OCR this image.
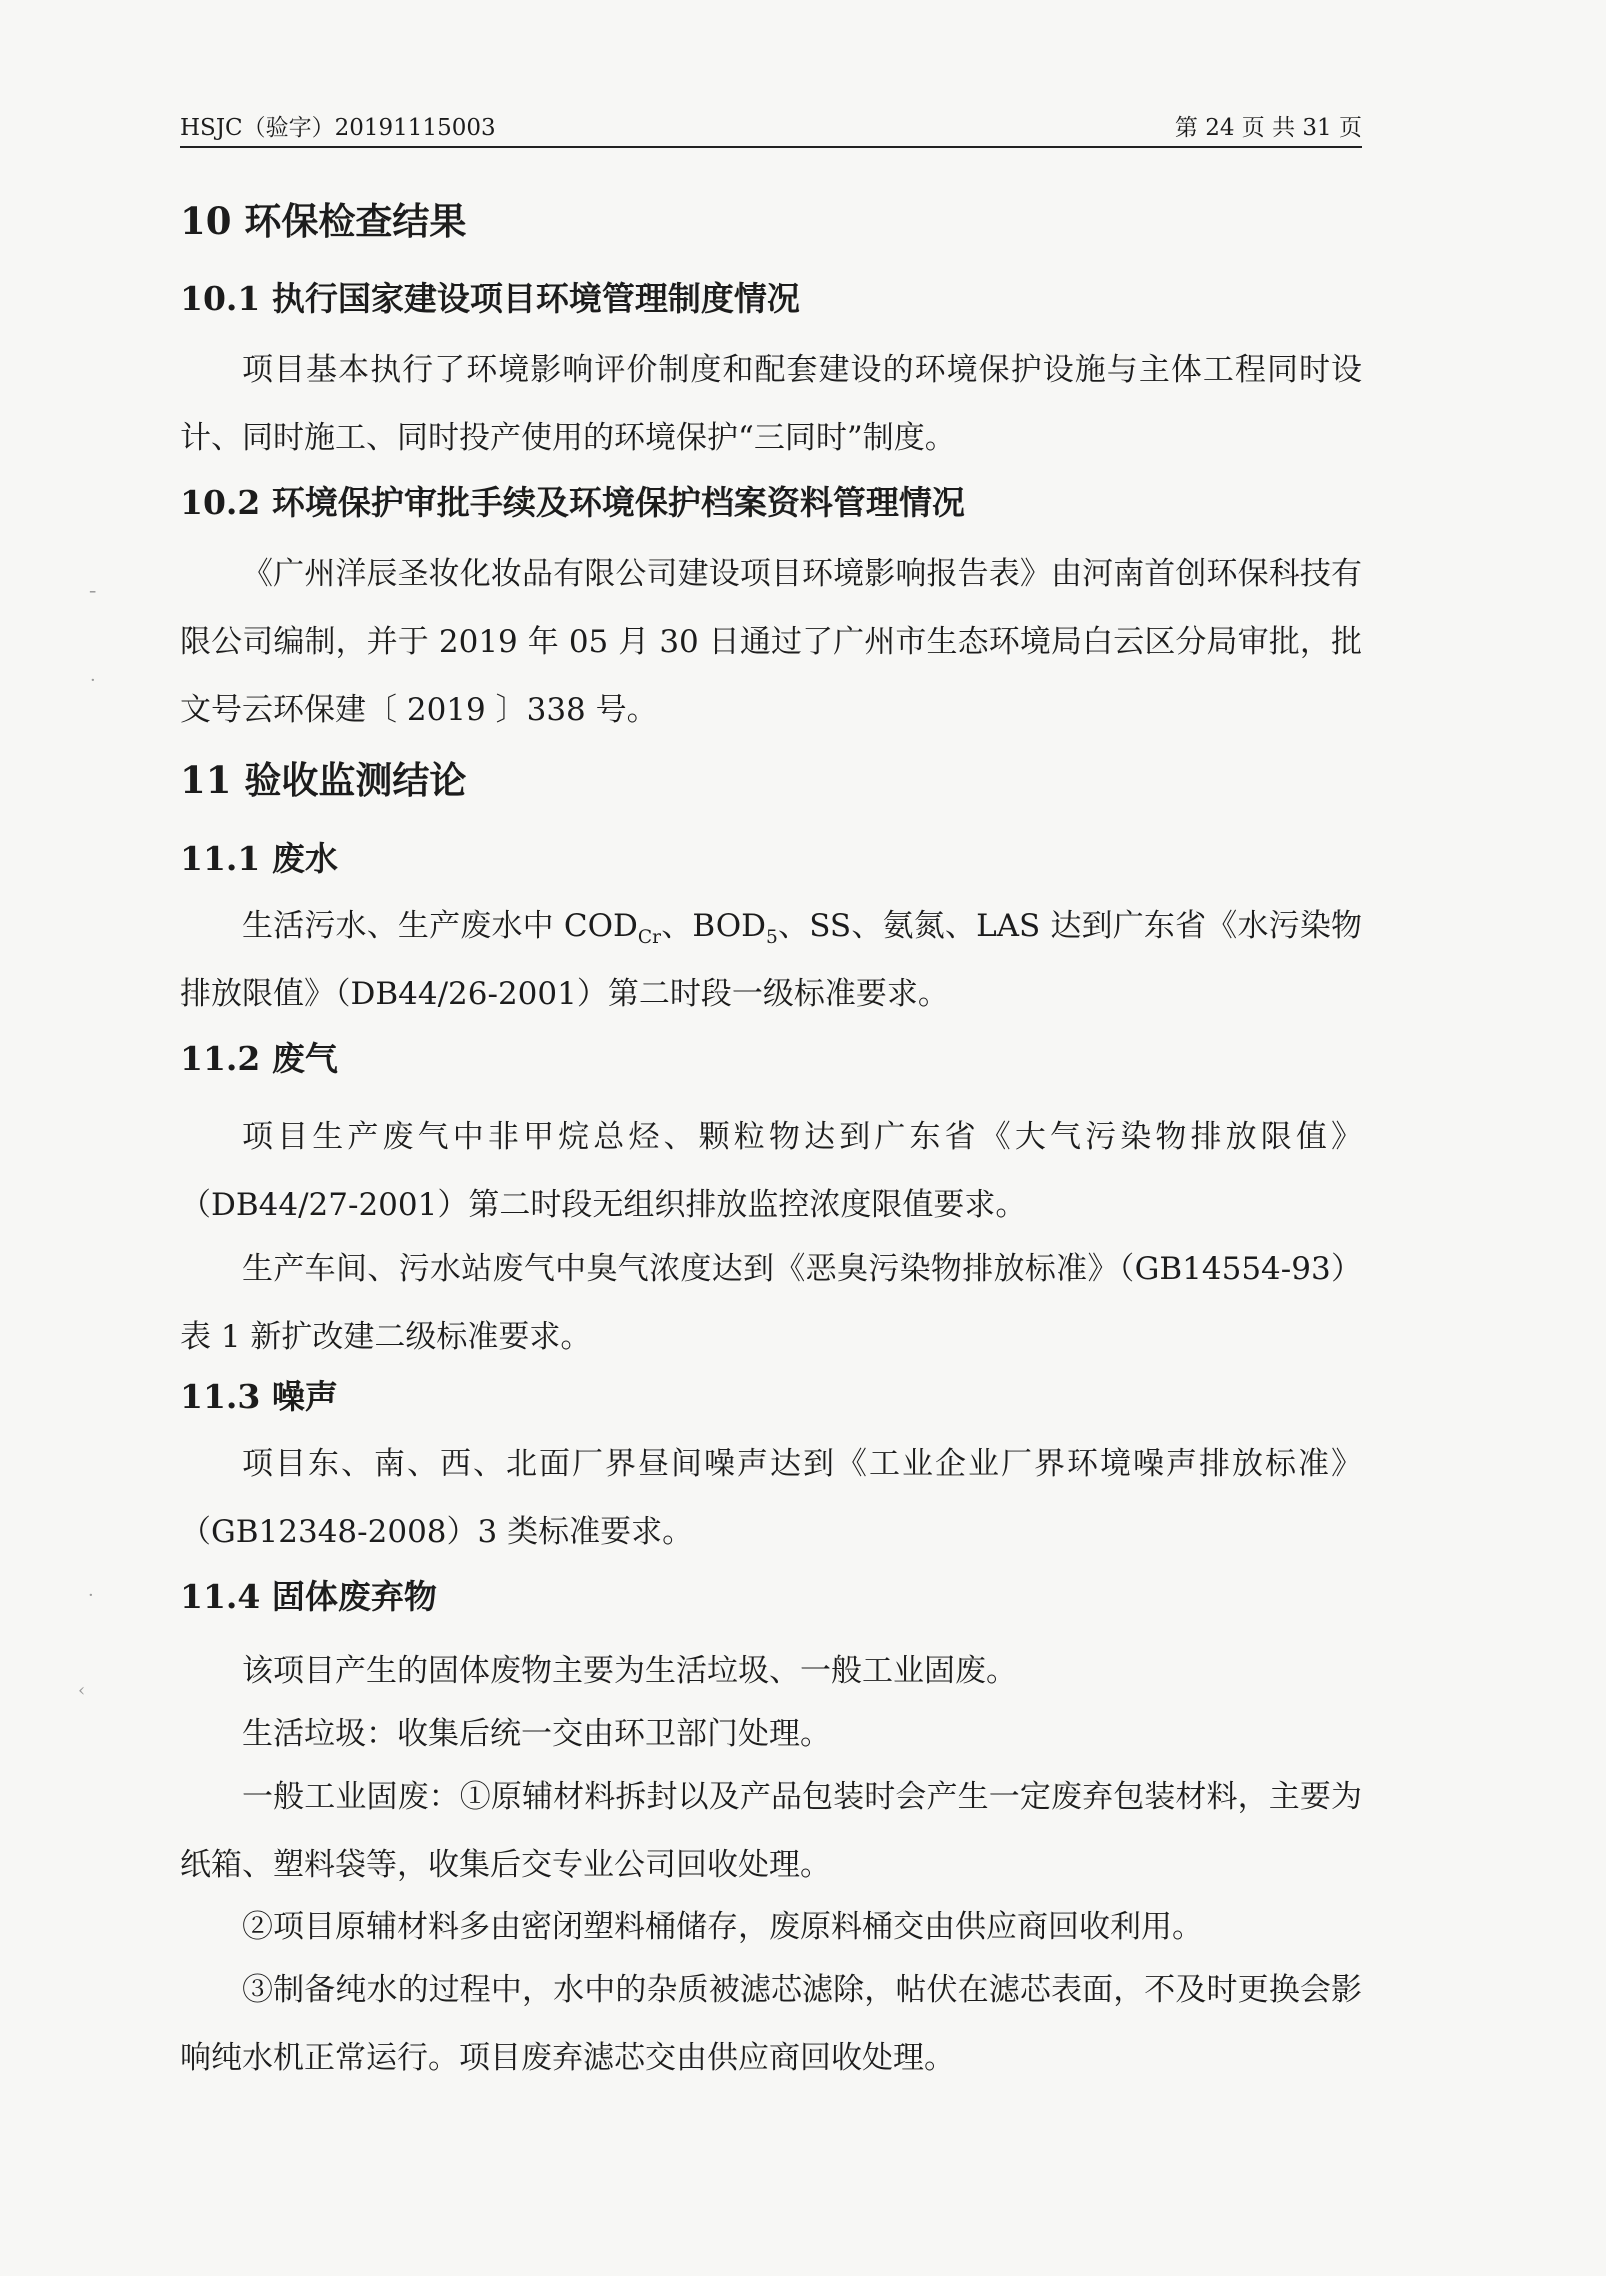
HSJC（验字）20191115003	第 24 页 共 31 页
10 环保检查结果
10.1 执行国家建设项目环境管理制度情况
项目基本执行了环境影响评价制度和配套建设的环境保护设施与主体工程同时设计、同时施工、同时投产使用的环境保护“三同时”制度。
10.2 环境保护审批手续及环境保护档案资料管理情况
《广州洋辰圣妆化妆品有限公司建设项目环境影响报告表》由河南首创环保科技有限公司编制，并于 2019 年 05 月 30 日通过了广州市生态环境局白云区分局审批，批文号云环保建〔 2019 〕338 号。
11 验收监测结论
11.1 废水
生活污水、生产废水中 $COD_{Cr}$、$BOD_5$、SS、氨氮、LAS 达到广东省《水污染物排放限值》（DB44/26-2001）第二时段一级标准要求。
11.2 废气
项目生产废气中非甲烷总烃、颗粒物达到广东省《大气污染物排放限值》（DB44/27-2001）第二时段无组织排放监控浓度限值要求。
生产车间、污水站废气中臭气浓度达到《恶臭污染物排放标准》（GB14554-93）表 1 新扩改建二级标准要求。
11.3 噪声
项目东、南、西、北面厂界昼间噪声达到《工业企业厂界环境噪声排放标准》（GB12348-2008）3 类标准要求。
11.4 固体废弃物
该项目产生的固体废物主要为生活垃圾、一般工业固废。
生活垃圾：收集后统一交由环卫部门处理。
一般工业固废：①原辅材料拆封以及产品包装时会产生一定废弃包装材料，主要为纸箱、塑料袋等，收集后交专业公司回收处理。
②项目原辅材料多由密闭塑料桶储存，废原料桶交由供应商回收利用。
③制备纯水的过程中，水中的杂质被滤芯滤除，帖伏在滤芯表面，不及时更换会影响纯水机正常运行。项目废弃滤芯交由供应商回收处理。
╴
·
·
‹
